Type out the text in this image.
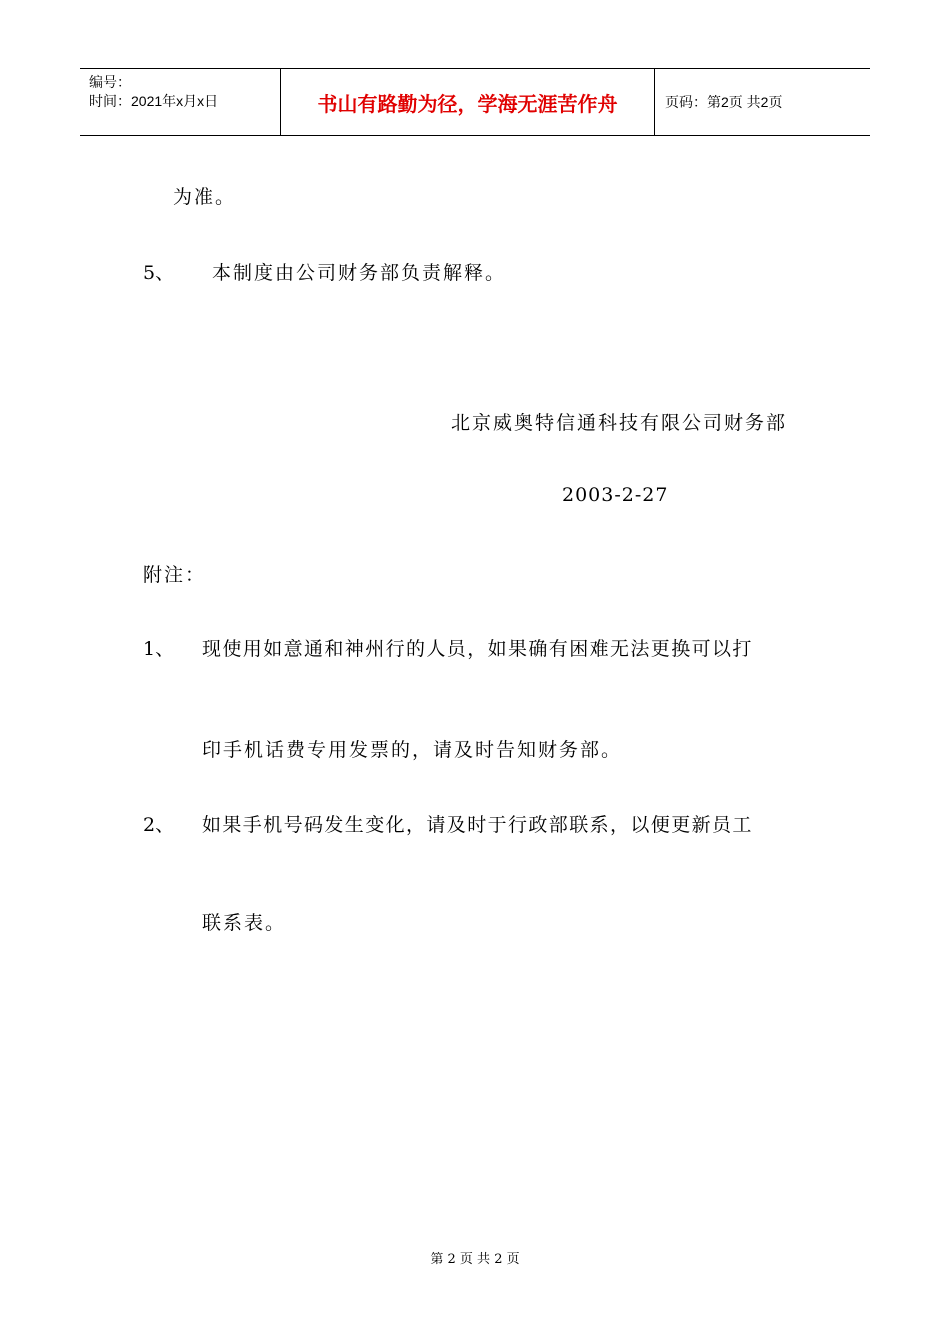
编号：
时间：2021年x月x日	书山有路勤为径，学海无涯苦作舟	页码：第2页 共2页
为准。
5、 本制度由公司财务部负责解释。
北京威奥特信通科技有限公司财务部
2003-2-27
附注：
1、 现使用如意通和神州行的人员，如果确有困难无法更换可以打
印手机话费专用发票的，请及时告知财务部。
2、 如果手机号码发生变化，请及时于行政部联系，以便更新员工
联系表。
第 2 页 共 2 页
